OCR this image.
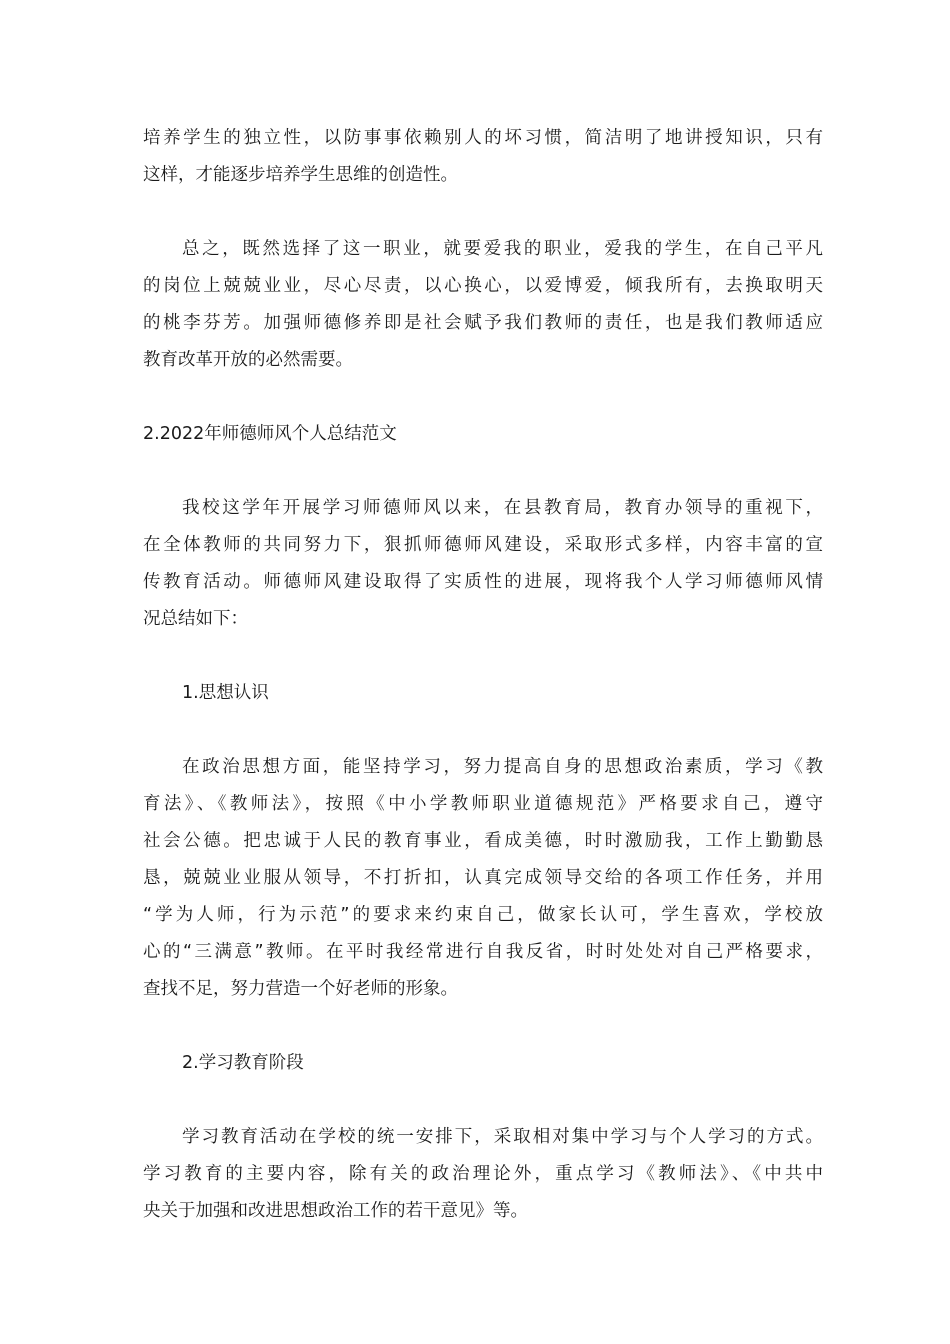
培养学生的独立性，以防事事依赖别人的坏习惯，简洁明了地讲授知识，只有
这样，才能逐步培养学生思维的创造性。
总之，既然选择了这一职业，就要爱我的职业，爱我的学生，在自己平凡
的岗位上兢兢业业，尽心尽责，以心换心，以爱博爱，倾我所有，去换取明天
的桃李芬芳。加强师德修养即是社会赋予我们教师的责任，也是我们教师适应
教育改革开放的必然需要。
2.2022年师德师风个人总结范文
我校这学年开展学习师德师风以来，在县教育局，教育办领导的重视下，
在全体教师的共同努力下，狠抓师德师风建设，采取形式多样，内容丰富的宣
传教育活动。师德师风建设取得了实质性的进展，现将我个人学习师德师风情
况总结如下：
1.思想认识
在政治思想方面，能坚持学习，努力提高自身的思想政治素质，学习《教
育法》、《教师法》，按照《中小学教师职业道德规范》严格要求自己，遵守
社会公德。把忠诚于人民的教育事业，看成美德，时时激励我，工作上勤勤恳
恳，兢兢业业服从领导，不打折扣，认真完成领导交给的各项工作任务，并用
“学为人师，行为示范”的要求来约束自己，做家长认可，学生喜欢，学校放
心的“三满意”教师。在平时我经常进行自我反省，时时处处对自己严格要求，
查找不足，努力营造一个好老师的形象。
2.学习教育阶段
学习教育活动在学校的统一安排下，采取相对集中学习与个人学习的方式。
学习教育的主要内容，除有关的政治理论外，重点学习《教师法》、《中共中
央关于加强和改进思想政治工作的若干意见》等。
